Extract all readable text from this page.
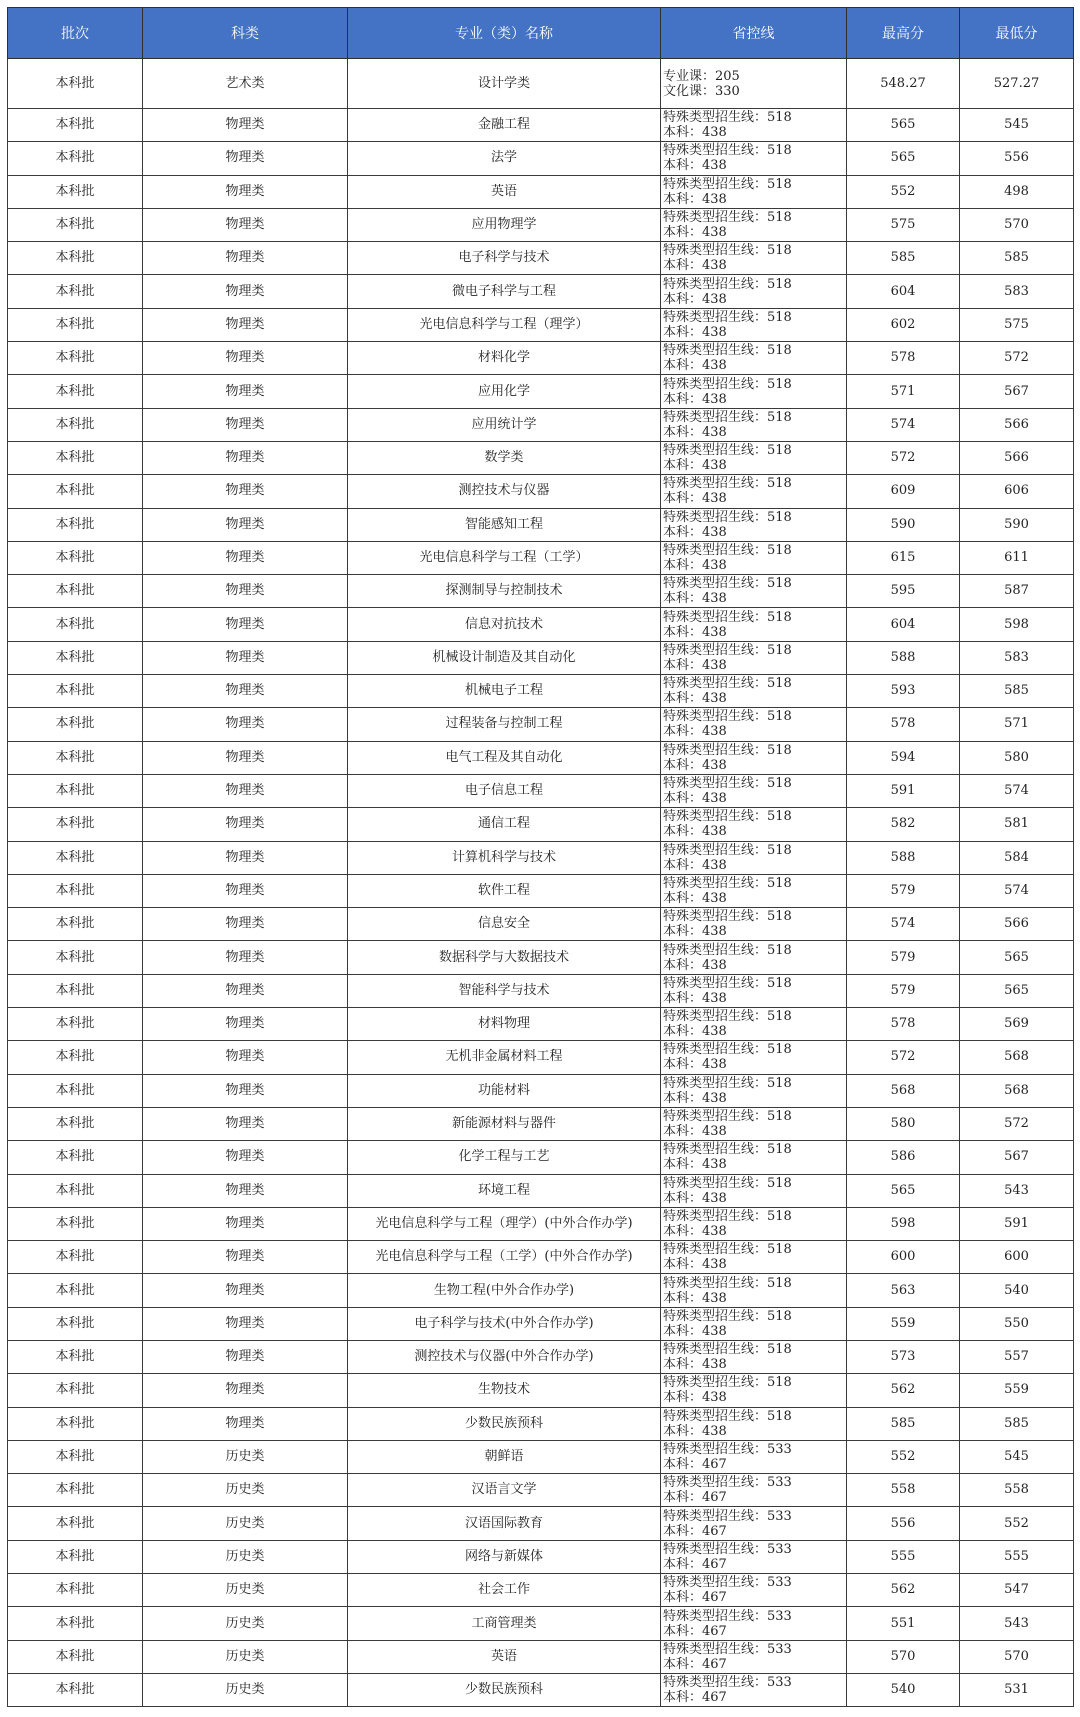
批次	科类	专业（类）名称	省控线	最高分	最低分
本科批	艺术类	设计学类	专业课：205
文化课：330	548.27	527.27
本科批	物理类	金融工程	特殊类型招生线：518
本科：438	565	545
本科批	物理类	法学	特殊类型招生线：518
本科：438	565	556
本科批	物理类	英语	特殊类型招生线：518
本科：438	552	498
本科批	物理类	应用物理学	特殊类型招生线：518
本科：438	575	570
本科批	物理类	电子科学与技术	特殊类型招生线：518
本科：438	585	585
本科批	物理类	微电子科学与工程	特殊类型招生线：518
本科：438	604	583
本科批	物理类	光电信息科学与工程（理学）	特殊类型招生线：518
本科：438	602	575
本科批	物理类	材料化学	特殊类型招生线：518
本科：438	578	572
本科批	物理类	应用化学	特殊类型招生线：518
本科：438	571	567
本科批	物理类	应用统计学	特殊类型招生线：518
本科：438	574	566
本科批	物理类	数学类	特殊类型招生线：518
本科：438	572	566
本科批	物理类	测控技术与仪器	特殊类型招生线：518
本科：438	609	606
本科批	物理类	智能感知工程	特殊类型招生线：518
本科：438	590	590
本科批	物理类	光电信息科学与工程（工学）	特殊类型招生线：518
本科：438	615	611
本科批	物理类	探测制导与控制技术	特殊类型招生线：518
本科：438	595	587
本科批	物理类	信息对抗技术	特殊类型招生线：518
本科：438	604	598
本科批	物理类	机械设计制造及其自动化	特殊类型招生线：518
本科：438	588	583
本科批	物理类	机械电子工程	特殊类型招生线：518
本科：438	593	585
本科批	物理类	过程装备与控制工程	特殊类型招生线：518
本科：438	578	571
本科批	物理类	电气工程及其自动化	特殊类型招生线：518
本科：438	594	580
本科批	物理类	电子信息工程	特殊类型招生线：518
本科：438	591	574
本科批	物理类	通信工程	特殊类型招生线：518
本科：438	582	581
本科批	物理类	计算机科学与技术	特殊类型招生线：518
本科：438	588	584
本科批	物理类	软件工程	特殊类型招生线：518
本科：438	579	574
本科批	物理类	信息安全	特殊类型招生线：518
本科：438	574	566
本科批	物理类	数据科学与大数据技术	特殊类型招生线：518
本科：438	579	565
本科批	物理类	智能科学与技术	特殊类型招生线：518
本科：438	579	565
本科批	物理类	材料物理	特殊类型招生线：518
本科：438	578	569
本科批	物理类	无机非金属材料工程	特殊类型招生线：518
本科：438	572	568
本科批	物理类	功能材料	特殊类型招生线：518
本科：438	568	568
本科批	物理类	新能源材料与器件	特殊类型招生线：518
本科：438	580	572
本科批	物理类	化学工程与工艺	特殊类型招生线：518
本科：438	586	567
本科批	物理类	环境工程	特殊类型招生线：518
本科：438	565	543
本科批	物理类	光电信息科学与工程（理学）(中外合作办学)	特殊类型招生线：518
本科：438	598	591
本科批	物理类	光电信息科学与工程（工学）(中外合作办学)	特殊类型招生线：518
本科：438	600	600
本科批	物理类	生物工程(中外合作办学)	特殊类型招生线：518
本科：438	563	540
本科批	物理类	电子科学与技术(中外合作办学)	特殊类型招生线：518
本科：438	559	550
本科批	物理类	测控技术与仪器(中外合作办学)	特殊类型招生线：518
本科：438	573	557
本科批	物理类	生物技术	特殊类型招生线：518
本科：438	562	559
本科批	物理类	少数民族预科	特殊类型招生线：518
本科：438	585	585
本科批	历史类	朝鲜语	特殊类型招生线：533
本科：467	552	545
本科批	历史类	汉语言文学	特殊类型招生线：533
本科：467	558	558
本科批	历史类	汉语国际教育	特殊类型招生线：533
本科：467	556	552
本科批	历史类	网络与新媒体	特殊类型招生线：533
本科：467	555	555
本科批	历史类	社会工作	特殊类型招生线：533
本科：467	562	547
本科批	历史类	工商管理类	特殊类型招生线：533
本科：467	551	543
本科批	历史类	英语	特殊类型招生线：533
本科：467	570	570
本科批	历史类	少数民族预科	特殊类型招生线：533
本科：467	540	531
